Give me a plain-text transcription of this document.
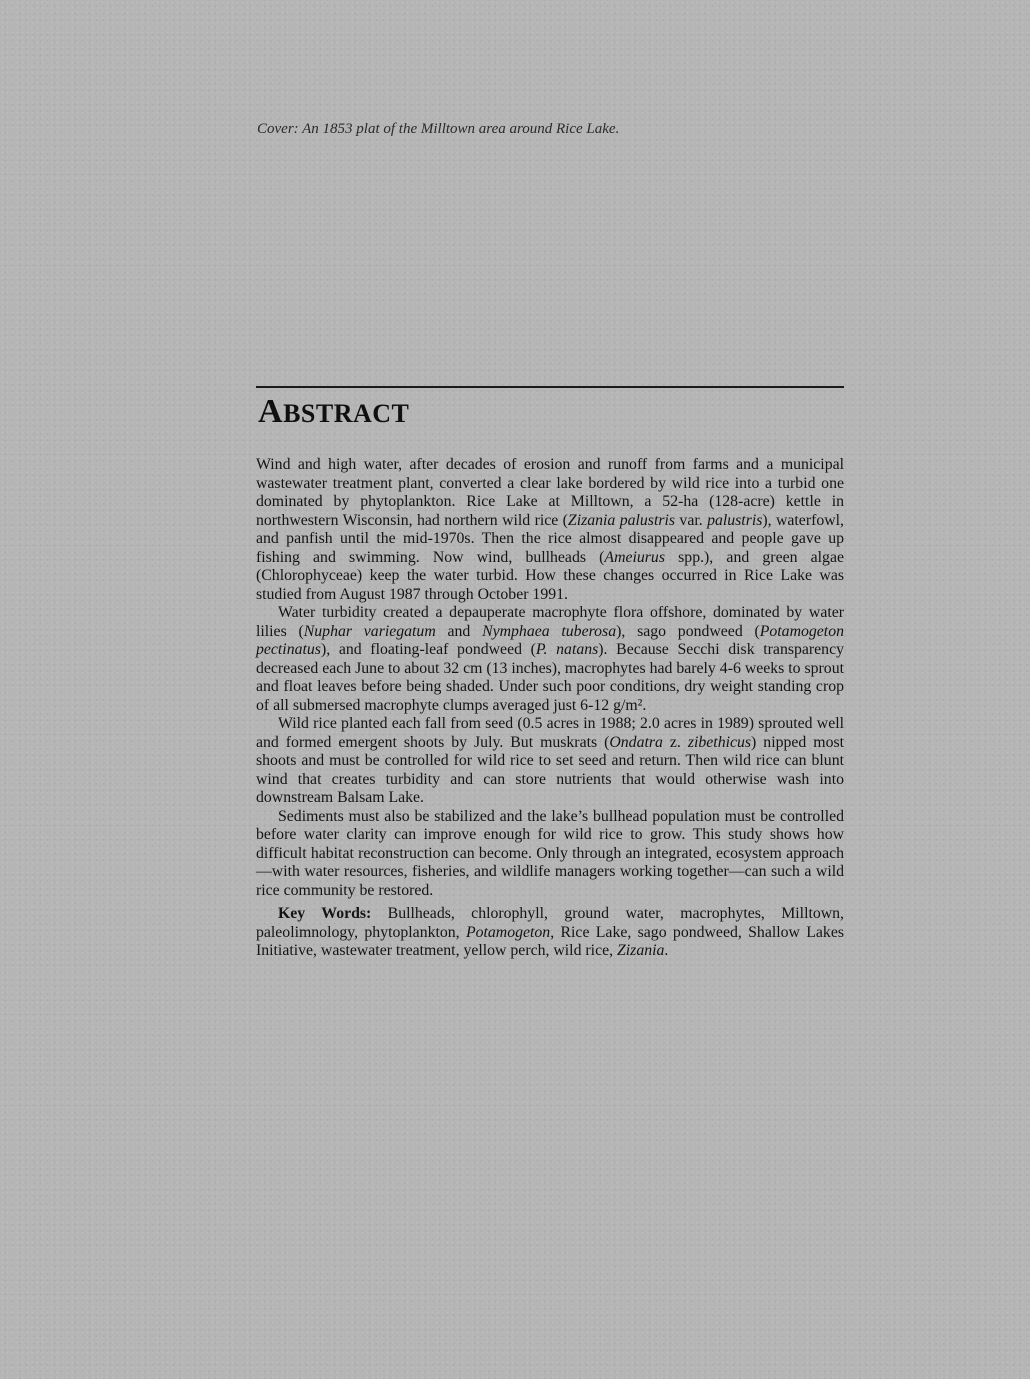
Cover: An 1853 plat of the Milltown area around Rice Lake.
ABSTRACT

Wind and high water, after decades of erosion and runoff from farms and a municipal wastewater treatment plant, converted a clear lake bordered by wild rice into a turbid one dominated by phytoplankton. Rice Lake at Milltown, a 52-ha (128-acre) kettle in northwestern Wisconsin, had northern wild rice (Zizania palustris var. palustris), waterfowl, and panfish until the mid-1970s. Then the rice almost disappeared and people gave up fishing and swimming. Now wind, bullheads (Ameiurus spp.), and green algae (Chlorophyceae) keep the water turbid. How these changes occurred in Rice Lake was studied from August 1987 through October 1991.

Water turbidity created a depauperate macrophyte flora offshore, dominated by water lilies (Nuphar variegatum and Nymphaea tuberosa), sago pondweed (Potamogeton pectinatus), and floating-leaf pondweed (P. natans). Because Secchi disk transparency decreased each June to about 32 cm (13 inches), macrophytes had barely 4-6 weeks to sprout and float leaves before being shaded. Under such poor conditions, dry weight standing crop of all submersed macrophyte clumps averaged just 6-12 g/m².

Wild rice planted each fall from seed (0.5 acres in 1988; 2.0 acres in 1989) sprouted well and formed emergent shoots by July. But muskrats (Ondatra z. zibethicus) nipped most shoots and must be controlled for wild rice to set seed and return. Then wild rice can blunt wind that creates turbidity and can store nutrients that would otherwise wash into downstream Balsam Lake.

Sediments must also be stabilized and the lake’s bullhead population must be controlled before water clarity can improve enough for wild rice to grow. This study shows how difficult habitat reconstruction can become. Only through an integrated, ecosystem approach—with water resources, fisheries, and wildlife managers working together—can such a wild rice community be restored.

Key Words: Bullheads, chlorophyll, ground water, macrophytes, Milltown, paleolimnology, phytoplankton, Potamogeton, Rice Lake, sago pondweed, Shallow Lakes Initiative, wastewater treatment, yellow perch, wild rice, Zizania.
